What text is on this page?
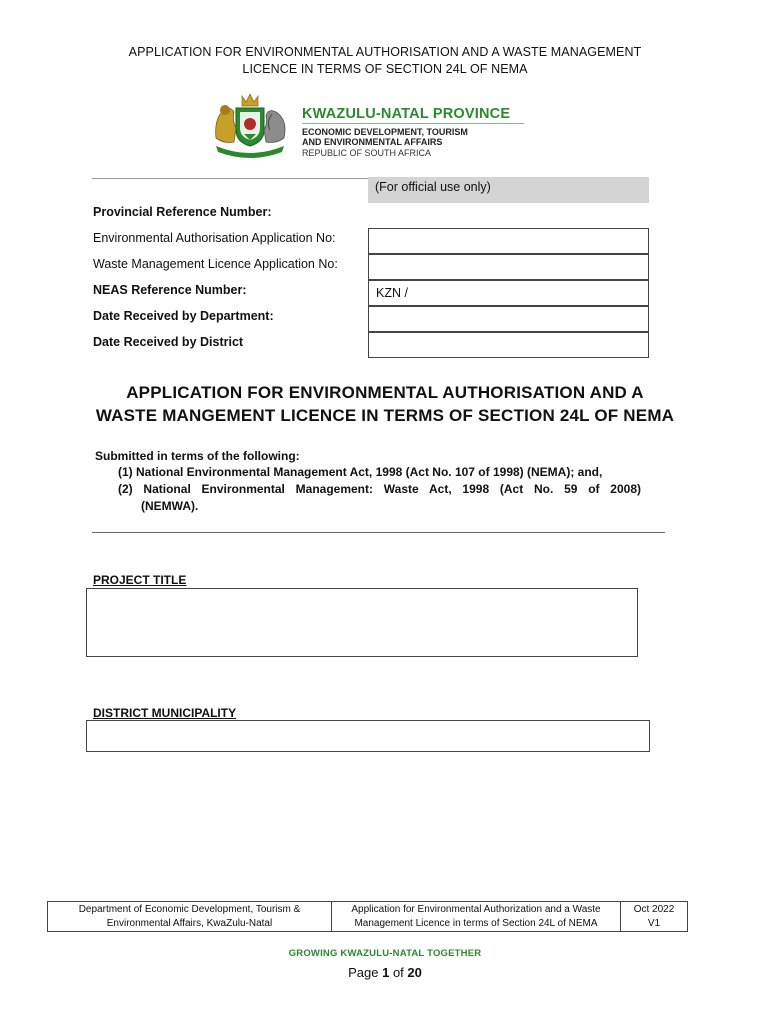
APPLICATION FOR ENVIRONMENTAL AUTHORISATION AND A WASTE MANAGEMENT
LICENCE IN TERMS OF SECTION 24L OF NEMA
KWAZULU-NATAL PROVINCE
ECONOMIC DEVELOPMENT, TOURISM
AND ENVIRONMENTAL AFFAIRS
REPUBLIC OF SOUTH AFRICA
(For official use only)
Provincial Reference Number:
Environmental Authorisation Application No:
Waste Management Licence Application No:
NEAS Reference Number:	KZN /
Date Received by Department:
Date Received by District
APPLICATION FOR ENVIRONMENTAL AUTHORISATION AND A
WASTE MANGEMENT LICENCE IN TERMS OF SECTION 24L OF NEMA
Submitted in terms of the following:
(1) National Environmental Management Act, 1998 (Act No. 107 of 1998) (NEMA); and,
(2) National Environmental Management: Waste Act, 1998 (Act No. 59 of 2008)
(NEMWA).
PROJECT TITLE
DISTRICT MUNICIPALITY
Department of Economic Development, Tourism &
Environmental Affairs, KwaZulu-Natal
Application for Environmental Authorization and a Waste
Management Licence in terms of Section 24L of NEMA
Oct 2022
V1
GROWING KWAZULU-NATAL TOGETHER
Page 1 of 20
